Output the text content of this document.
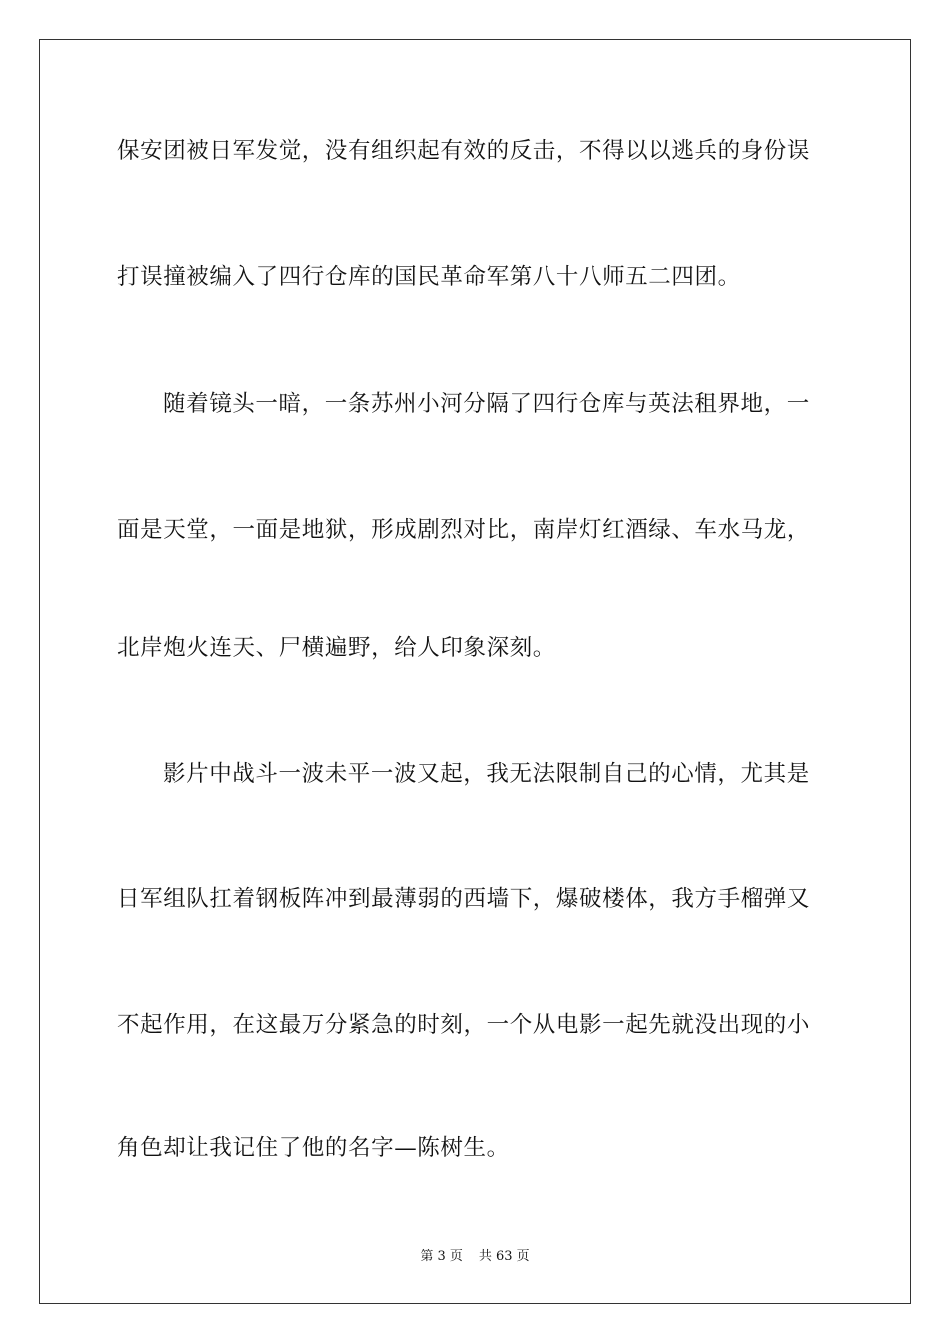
保安团被日军发觉，没有组织起有效的反击，不得以以逃兵的身份误
打误撞被编入了四行仓库的国民革命军第八十八师五二四团。
随着镜头一暗，一条苏州小河分隔了四行仓库与英法租界地，一
面是天堂，一面是地狱，形成剧烈对比，南岸灯红酒绿、车水马龙，
北岸炮火连天、尸横遍野，给人印象深刻。
影片中战斗一波未平一波又起，我无法限制自己的心情，尤其是
日军组队扛着钢板阵冲到最薄弱的西墙下，爆破楼体，我方手榴弹又
不起作用，在这最万分紧急的时刻，一个从电影一起先就没出现的小
角色却让我记住了他的名字—陈树生。
第 3 页 共 63 页
